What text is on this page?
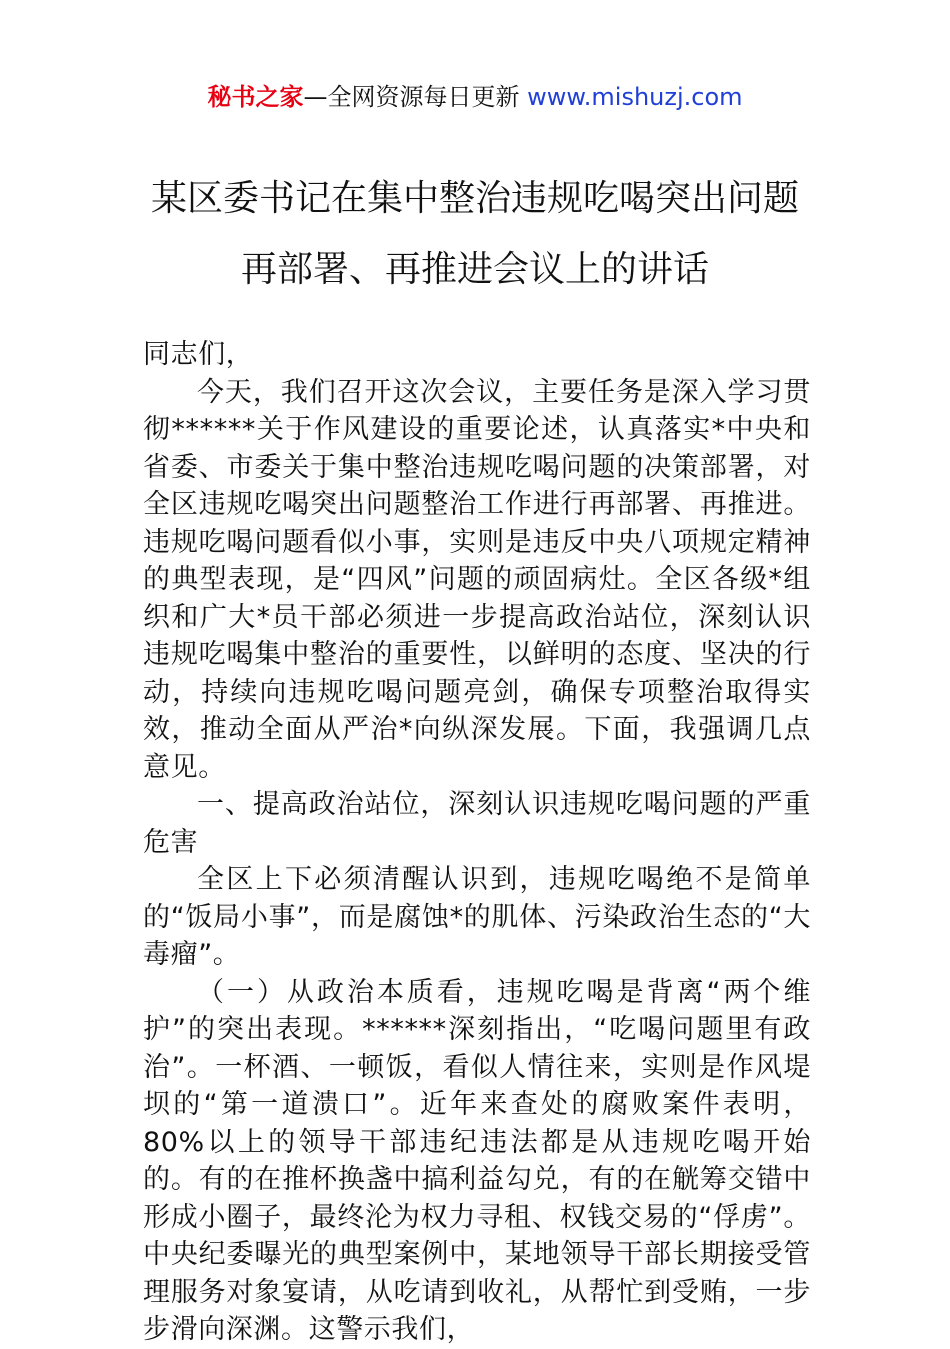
秘书之家—全网资源每日更新 www.mishuzj.com
某区委书记在集中整治违规吃喝突出问题
再部署、再推进会议上的讲话

同志们，

今天，我们召开这次会议，主要任务是深入学习贯彻******关于作风建设的重要论述，认真落实*中央和省委、市委关于集中整治违规吃喝问题的决策部署，对全区违规吃喝突出问题整治工作进行再部署、再推进。违规吃喝问题看似小事，实则是违反中央八项规定精神的典型表现，是“四风”问题的顽固病灶。全区各级*组织和广大*员干部必须进一步提高政治站位，深刻认识违规吃喝集中整治的重要性，以鲜明的态度、坚决的行动，持续向违规吃喝问题亮剑，确保专项整治取得实效，推动全面从严治*向纵深发展。下面，我强调几点意见。

一、提高政治站位，深刻认识违规吃喝问题的严重危害

全区上下必须清醒认识到，违规吃喝绝不是简单的“饭局小事”，而是腐蚀*的肌体、污染政治生态的“大毒瘤”。

（一）从政治本质看，违规吃喝是背离“两个维护”的突出表现。******深刻指出，“吃喝问题里有政治”。一杯酒、一顿饭，看似人情往来，实则是作风堤坝的“第一道溃口”。近年来查处的腐败案件表明，80%以上的领导干部违纪违法都是从违规吃喝开始的。有的在推杯换盏中搞利益勾兑，有的在觥筹交错中形成小圈子，最终沦为权力寻租、权钱交易的“俘虏”。中央纪委曝光的典型案例中，某地领导干部长期接受管理服务对象宴请，从吃请到收礼，从帮忙到受贿，一步步滑向深渊。这警示我们，
